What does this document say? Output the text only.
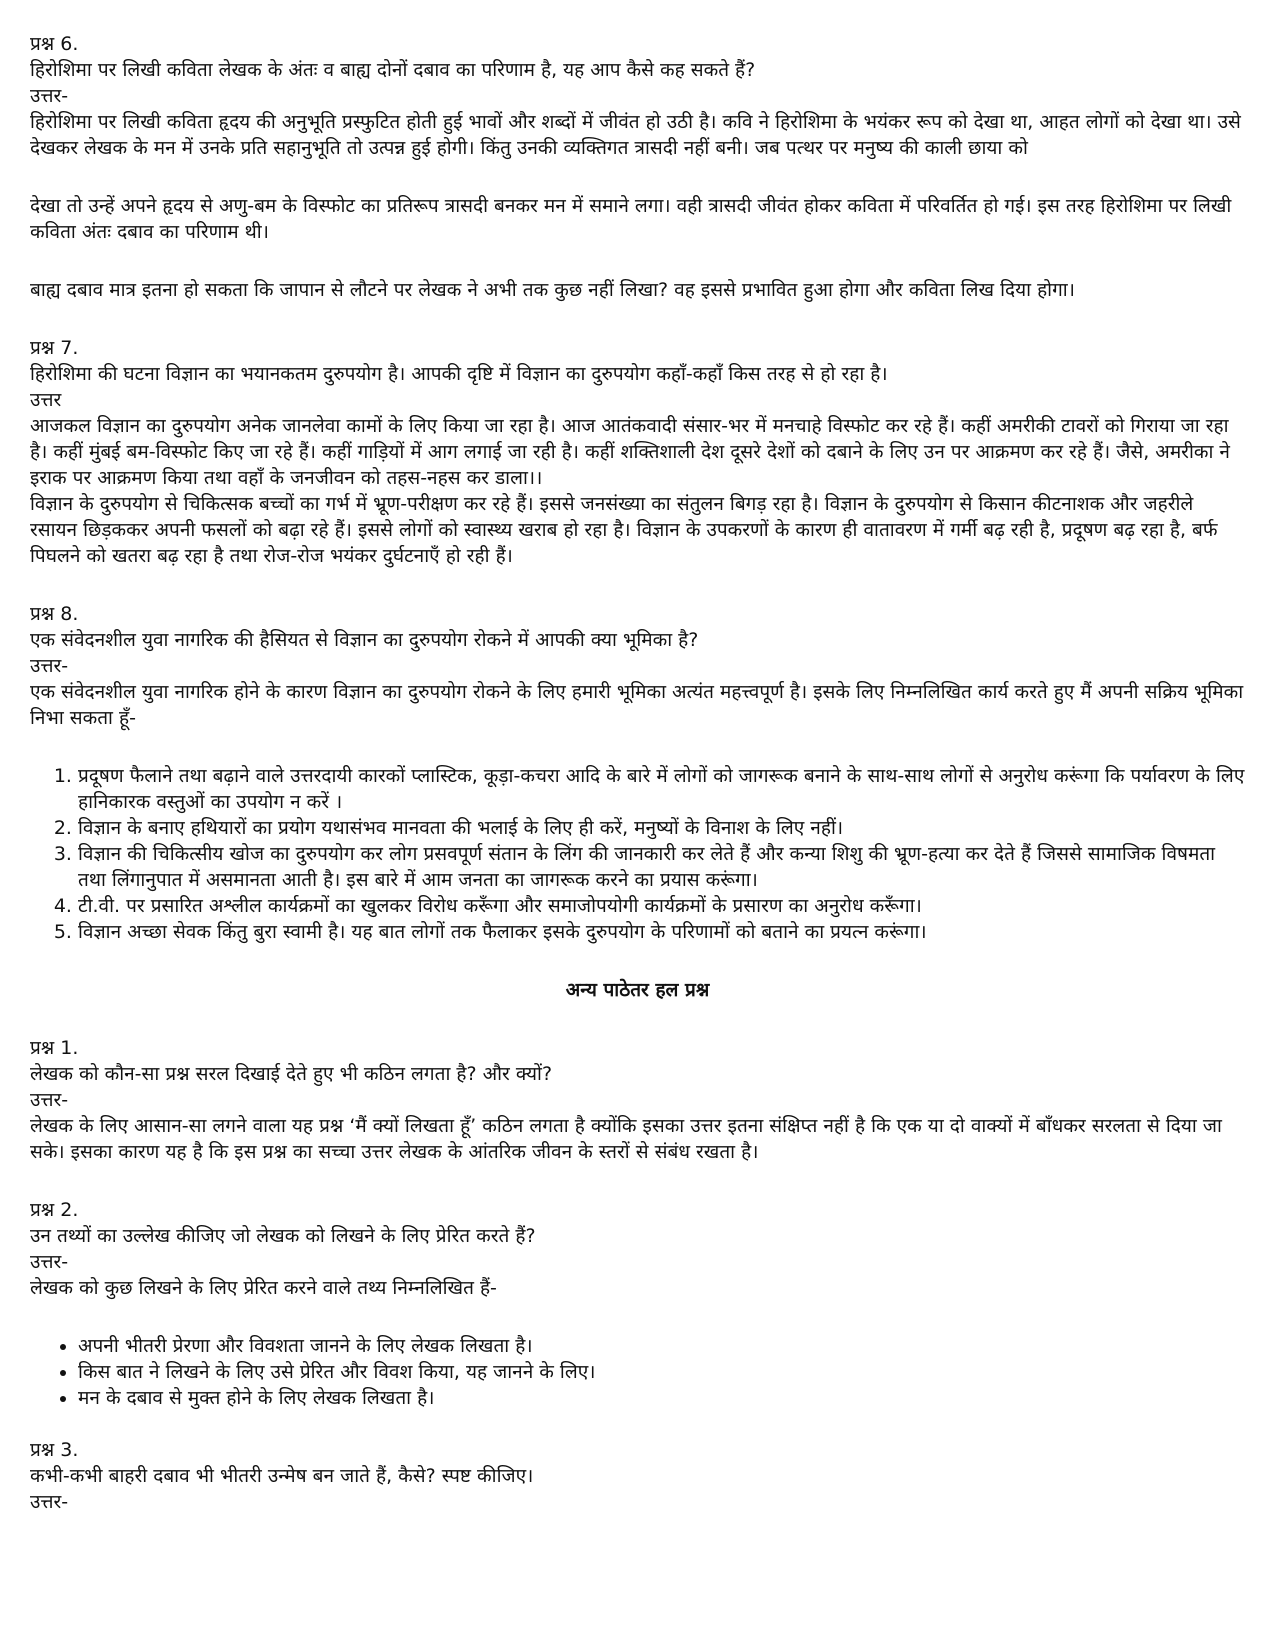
प्रश्न 6.

हिरोशिमा पर लिखी कविता लेखक के अंतः व बाह्य दोनों दबाव का परिणाम है, यह आप कैसे कह सकते हैं?

उत्तर-

हिरोशिमा पर लिखी कविता हृदय की अनुभूति प्रस्फुटित होती हुई भावों और शब्दों में जीवंत हो उठी है। कवि ने हिरोशिमा के भयंकर रूप को देखा था, आहत लोगों को देखा था। उसे देखकर लेखक के मन में उनके प्रति सहानुभूति तो उत्पन्न हुई होगी। किंतु उनकी व्यक्तिगत त्रासदी नहीं बनी। जब पत्थर पर मनुष्य की काली छाया को

देखा तो उन्हें अपने हृदय से अणु-बम के विस्फोट का प्रतिरूप त्रासदी बनकर मन में समाने लगा। वही त्रासदी जीवंत होकर कविता में परिवर्तित हो गई। इस तरह हिरोशिमा पर लिखी कविता अंतः दबाव का परिणाम थी।

बाह्य दबाव मात्र इतना हो सकता कि जापान से लौटने पर लेखक ने अभी तक कुछ नहीं लिखा? वह इससे प्रभावित हुआ होगा और कविता लिख दिया होगा।

प्रश्न 7.

हिरोशिमा की घटना विज्ञान का भयानकतम दुरुपयोग है। आपकी दृष्टि में विज्ञान का दुरुपयोग कहाँ-कहाँ किस तरह से हो रहा है।

उत्तर

आजकल विज्ञान का दुरुपयोग अनेक जानलेवा कामों के लिए किया जा रहा है। आज आतंकवादी संसार-भर में मनचाहे विस्फोट कर रहे हैं। कहीं अमरीकी टावरों को गिराया जा रहा है। कहीं मुंबई बम-विस्फोट किए जा रहे हैं। कहीं गाड़ियों में आग लगाई जा रही है। कहीं शक्तिशाली देश दूसरे देशों को दबाने के लिए उन पर आक्रमण कर रहे हैं। जैसे, अमरीका ने इराक पर आक्रमण किया तथा वहाँ के जनजीवन को तहस-नहस कर डाला।।

विज्ञान के दुरुपयोग से चिकित्सक बच्चों का गर्भ में भ्रूण-परीक्षण कर रहे हैं। इससे जनसंख्या का संतुलन बिगड़ रहा है। विज्ञान के दुरुपयोग से किसान कीटनाशक और जहरीले रसायन छिड़ककर अपनी फसलों को बढ़ा रहे हैं। इससे लोगों को स्वास्थ्य खराब हो रहा है। विज्ञान के उपकरणों के कारण ही वातावरण में गर्मी बढ़ रही है, प्रदूषण बढ़ रहा है, बर्फ पिघलने को खतरा बढ़ रहा है तथा रोज-रोज भयंकर दुर्घटनाएँ हो रही हैं।

प्रश्न 8.

एक संवेदनशील युवा नागरिक की हैसियत से विज्ञान का दुरुपयोग रोकने में आपकी क्या भूमिका है?

उत्तर-

एक संवेदनशील युवा नागरिक होने के कारण विज्ञान का दुरुपयोग रोकने के लिए हमारी भूमिका अत्यंत महत्त्वपूर्ण है। इसके लिए निम्नलिखित कार्य करते हुए मैं अपनी सक्रिय भूमिका निभा सकता हूँ-

1. प्रदूषण फैलाने तथा बढ़ाने वाले उत्तरदायी कारकों प्लास्टिक, कूड़ा-कचरा आदि के बारे में लोगों को जागरूक बनाने के साथ-साथ लोगों से अनुरोध करूंगा कि पर्यावरण के लिए हानिकारक वस्तुओं का उपयोग न करें ।
2. विज्ञान के बनाए हथियारों का प्रयोग यथासंभव मानवता की भलाई के लिए ही करें, मनुष्यों के विनाश के लिए नहीं।
3. विज्ञान की चिकित्सीय खोज का दुरुपयोग कर लोग प्रसवपूर्ण संतान के लिंग की जानकारी कर लेते हैं और कन्या शिशु की भ्रूण-हत्या कर देते हैं जिससे सामाजिक विषमता तथा लिंगानुपात में असमानता आती है। इस बारे में आम जनता का जागरूक करने का प्रयास करूंगा।
4. टी.वी. पर प्रसारित अश्लील कार्यक्रमों का खुलकर विरोध करूँगा और समाजोपयोगी कार्यक्रमों के प्रसारण का अनुरोध करूँगा।
5. विज्ञान अच्छा सेवक किंतु बुरा स्वामी है। यह बात लोगों तक फैलाकर इसके दुरुपयोग के परिणामों को बताने का प्रयत्न करूंगा।

अन्य पाठेतर हल प्रश्न

प्रश्न 1.

लेखक को कौन-सा प्रश्न सरल दिखाई देते हुए भी कठिन लगता है? और क्यों?

उत्तर-

लेखक के लिए आसान-सा लगने वाला यह प्रश्न ‘मैं क्यों लिखता हूँ’ कठिन लगता है क्योंकि इसका उत्तर इतना संक्षिप्त नहीं है कि एक या दो वाक्यों में बाँधकर सरलता से दिया जा सके। इसका कारण यह है कि इस प्रश्न का सच्चा उत्तर लेखक के आंतरिक जीवन के स्तरों से संबंध रखता है।

प्रश्न 2.

उन तथ्यों का उल्लेख कीजिए जो लेखक को लिखने के लिए प्रेरित करते हैं?

उत्तर-

लेखक को कुछ लिखने के लिए प्रेरित करने वाले तथ्य निम्नलिखित हैं-

• अपनी भीतरी प्रेरणा और विवशता जानने के लिए लेखक लिखता है।
• किस बात ने लिखने के लिए उसे प्रेरित और विवश किया, यह जानने के लिए।
• मन के दबाव से मुक्त होने के लिए लेखक लिखता है।

प्रश्न 3.

कभी-कभी बाहरी दबाव भी भीतरी उन्मेष बन जाते हैं, कैसे? स्पष्ट कीजिए।

उत्तर-
